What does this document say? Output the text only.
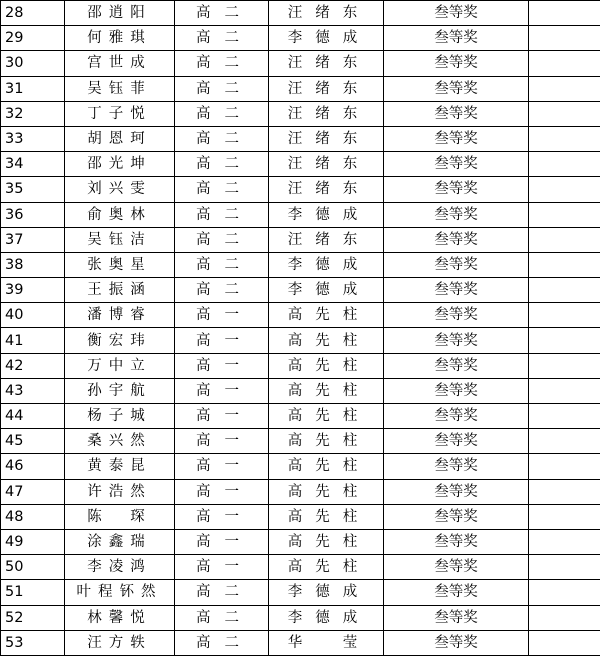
28	邵逍阳	高二	汪绪东	叁等奖	
29	何雅琪	高二	李德成	叁等奖	
30	宫世成	高二	汪绪东	叁等奖	
31	吴钰菲	高二	汪绪东	叁等奖	
32	丁子悦	高二	汪绪东	叁等奖	
33	胡恩珂	高二	汪绪东	叁等奖	
34	邵光坤	高二	汪绪东	叁等奖	
35	刘兴雯	高二	汪绪东	叁等奖	
36	俞奥林	高二	李德成	叁等奖	
37	吴钰洁	高二	汪绪东	叁等奖	
38	张奥星	高二	李德成	叁等奖	
39	王振涵	高二	李德成	叁等奖	
40	潘博睿	高一	高先柱	叁等奖	
41	衡宏玮	高一	高先柱	叁等奖	
42	万中立	高一	高先柱	叁等奖	
43	孙宇航	高一	高先柱	叁等奖	
44	杨子城	高一	高先柱	叁等奖	
45	桑兴然	高一	高先柱	叁等奖	
46	黄泰昆	高一	高先柱	叁等奖	
47	许浩然	高一	高先柱	叁等奖	
48	陈　琛	高一	高先柱	叁等奖	
49	涂鑫瑞	高一	高先柱	叁等奖	
50	李凌鸿	高一	高先柱	叁等奖	
51	叶程钚然	高二	李德成	叁等奖	
52	林馨悦	高二	李德成	叁等奖	
53	汪方轶	高二	华　莹	叁等奖	
